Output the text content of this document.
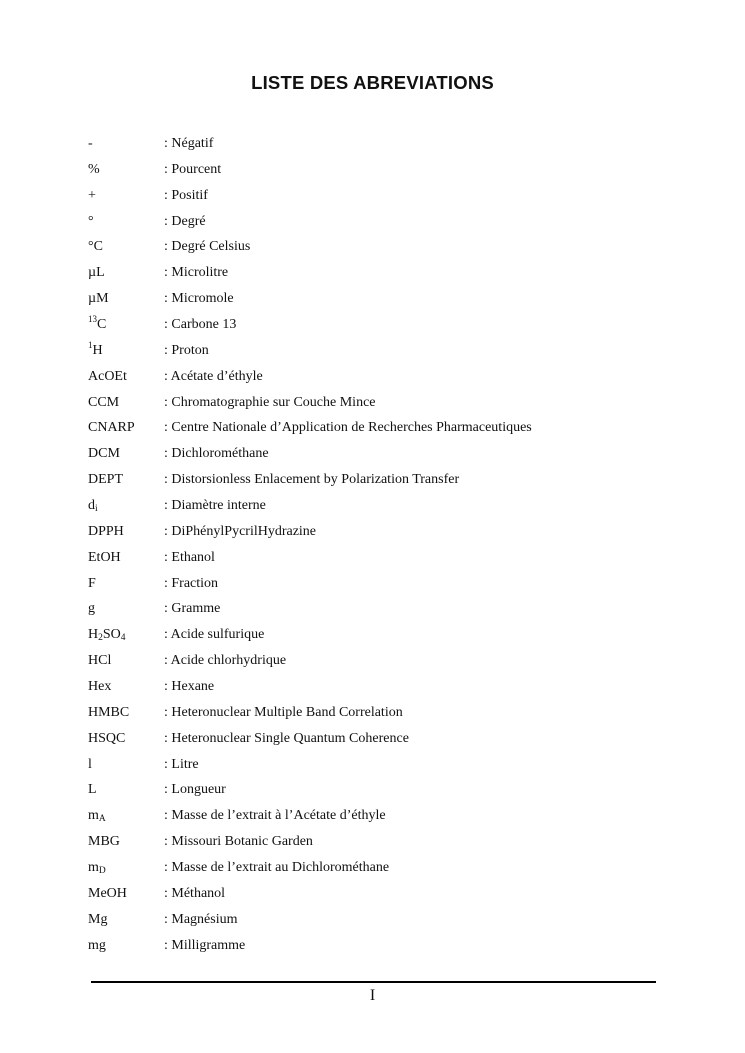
LISTE DES ABREVIATIONS
-	: Négatif
%	: Pourcent
+	: Positif
°	: Degré
°C	: Degré Celsius
µL	: Microlitre
µM	: Micromole
$^{13}$C	: Carbone 13
$^1$H	: Proton
AcOEt	: Acétate d’éthyle
CCM	: Chromatographie sur Couche Mince
CNARP : Centre Nationale d’Application de Recherches Pharmaceutiques
DCM	: Dichlorométhane
DEPT	: Distorsionless Enlacement by Polarization Transfer
di	: Diamètre interne
DPPH	: DiPhénylPycrilHydrazine
EtOH	: Ethanol
F	: Fraction
g	: Gramme
H2SO4	: Acide sulfurique
HCl	: Acide chlorhydrique
Hex	: Hexane
HMBC : Heteronuclear Multiple Band Correlation
HSQC	: Heteronuclear Single Quantum Coherence
l	: Litre
L	: Longueur
mA	: Masse de l’extrait à l’Acétate d’éthyle
MBG	: Missouri Botanic Garden
mD	: Masse de l’extrait au Dichlorométhane
MeOH	: Méthanol
Mg	: Magnésium
mg	: Milligramme
I
